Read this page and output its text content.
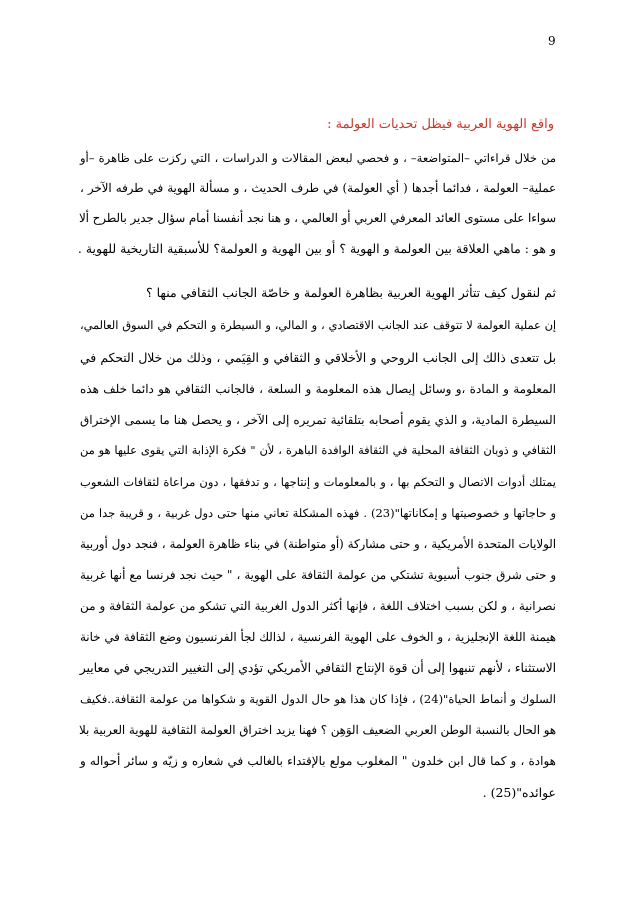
9
واقع الهوية العربية فيظل تحديات العولمة :
من خلال قراءاتي –المتواضعة– ، و فحصي لبعض المقالات و الدراسات ، التي ركزت على ظاهرة –أو
عملية– العولمة ، فدائما أجدها ( أي العولمة) في طرف الحديث ، و مسألة الهوية في طرفه الآخر ،
سواءا على مستوى العائد المعرفي العربي أو العالمي ، و هنا نجد أنفسنا أمام سؤال جدير بالطرح ألا
و هو : ماهي العلاقة بين العولمة و الهوية ؟ أو بين الهوية و العولمة؟ للأسبقية التاريخية للهوية .
ثم لنقول كيف تتأثر الهوية العربية بظاهرة العولمة و خاصّة الجانب الثقافي منها ؟
إن عملية العولمة لا تتوقف عند الجانب الاقتصادي ، و المالي، و السيطرة و التحكم في السوق العالمي،
بل تتعدى ذالك إلى الجانب الروحي و الأخلاقي و الثقافي و القِيَمي ، وذلك من خلال التحكم في
المعلومة و المادة ،و وسائل إيصال هذه المعلومة و السلعة ، فالجانب الثقافي هو دائما خلف هذه
السيطرة المادية، و الذي يقوم أصحابه بتلقائية تمريره إلى الآخر ، و يحصل هنا ما يسمى الإختراق
الثقافي و ذوبان الثقافة المحلية في الثقافة الوافدة الباهرة ، لأن " فكرة الإذابة التي يقوى عليها هو من
يمتلك أدوات الاتصال و التحكم بها ، و بالمعلومات و إنتاجها ، و تدفقها ، دون مراعاة لثقافات الشعوب
و حاجاتها و خصوصيتها و إمكاناتها"(23) . فهذه المشكلة تعاني منها حتى دول غربية ، و قريبة جدا من
الولايات المتحدة الأمريكية ، و حتى مشاركة (أو متواطنة) في بناء ظاهرة العولمة ، فنجد دول أوربية
و حتى شرق جنوب أسيوية تشتكي من عولمة الثقافة على الهوية ، " حيث نجد فرنسا مع أنها غربية
نصرانية ، و لكن بسبب اختلاف اللغة ، فإنها أكثر الدول الغربية التي تشكو من عولمة الثقافة و من
هيمنة اللغة الإنجليزية ، و الخوف على الهوية الفرنسية ، لذالك لجأ الفرنسيون وضع الثقافة في خانة
الاستثناء ، لأنهم تنبهوا إلى أن قوة الإنتاج الثقافي الأمريكي تؤدي إلى التغيير التدريجي في معايير
السلوك و أنماط الحياة"(24) ، فإذا كان هذا هو حال الدول القوية و شكواها من عولمة الثقافة..فكيف
هو الحال بالنسبة الوطن العربي الضعيف الوَهِن ؟ فهنا يزيد اختراق العولمة الثقافية للهوية العربية بلا
هوادة ، و كما قال ابن خلدون " المغلوب مولع بالإقتداء بالغالب في شعاره و زيّه و سائر أحواله و
عوائده"(25) .
